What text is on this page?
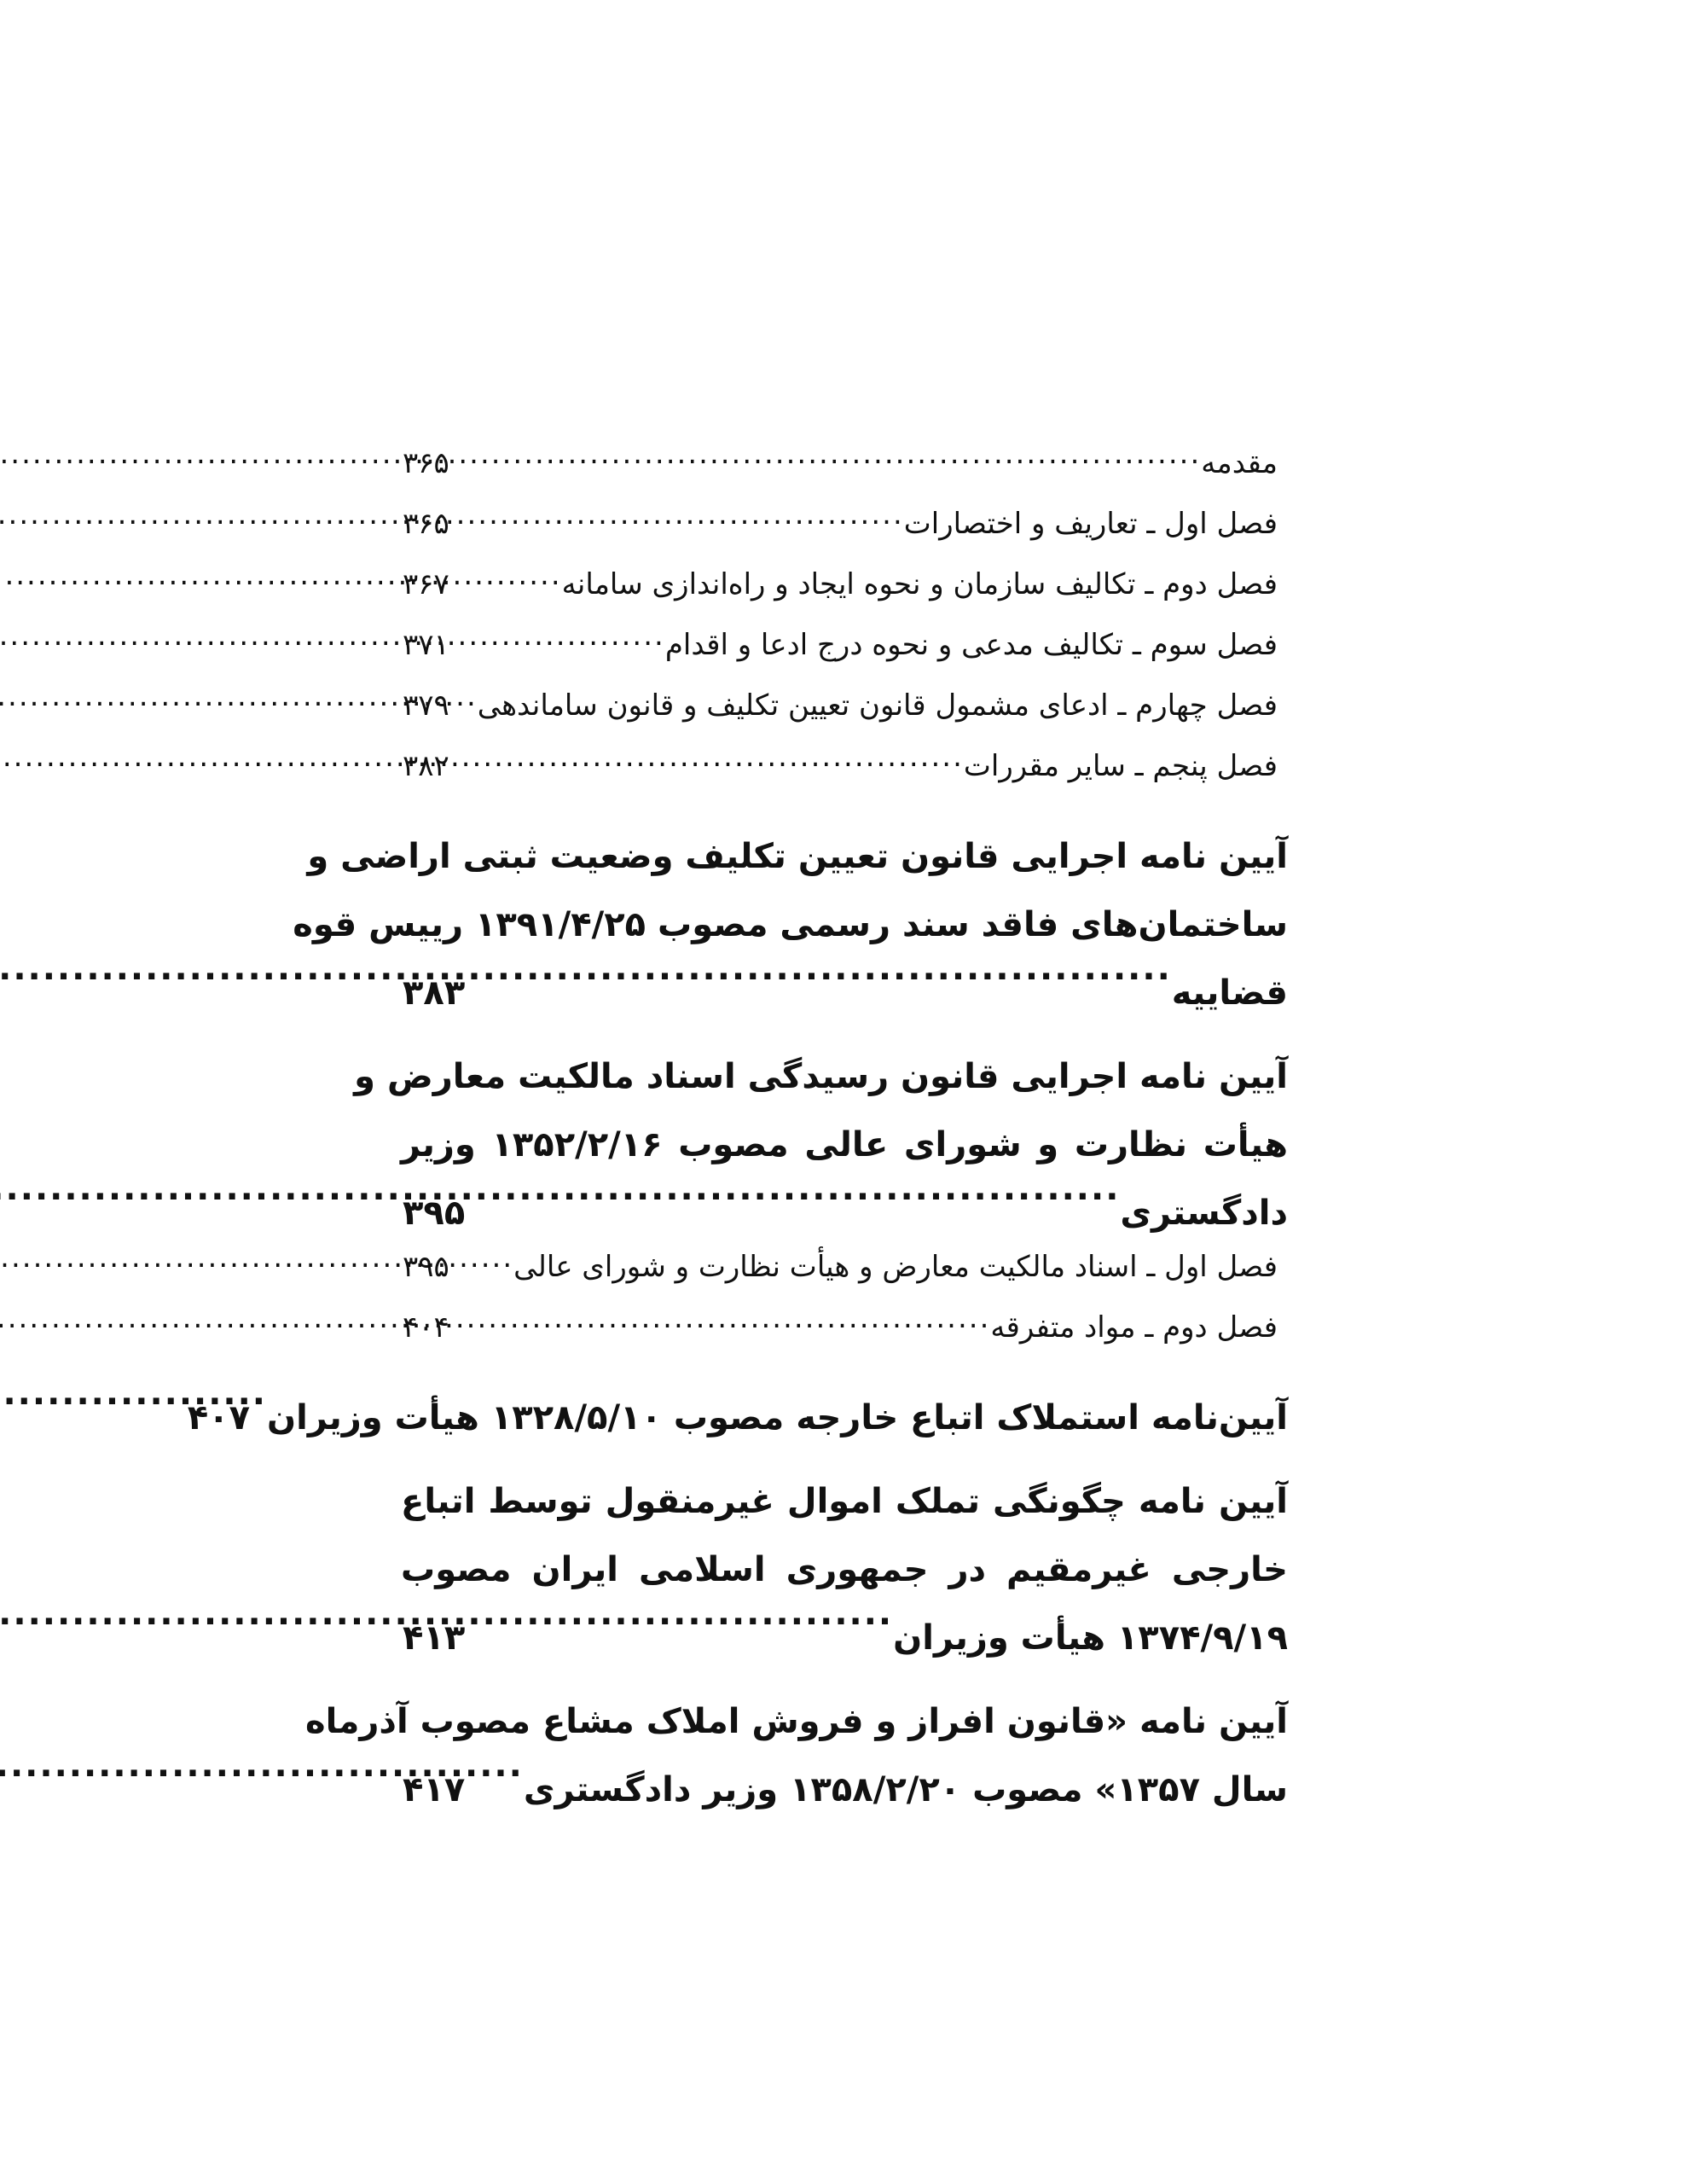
مقدمه
.....
۳۶۵
فصل اول ـ تعاریف و اختصارات
.....
۳۶۵
فصل دوم ـ تکالیف سازمان و نحوه ایجاد و راه‌اندازی سامانه
.....
۳۶۷
فصل سوم ـ تکالیف مدعی و نحوه درج ادعا و اقدام
.....
۳۷۱
فصل چهارم ـ ادعای مشمول قانون تعیین تکلیف و قانون ساماندهی
.....
۳۷۹
فصل پنجم ـ سایر مقررات
.....
۳۸۲
آیین نامه اجرایی قانون تعیین تکلیف وضعیت ثبتی اراضی و
ساختمان‌های فاقد سند رسمی مصوب ۱۳۹۱/۴/۲۵ رییس قوه
قضاییه
.....
۳۸۳
آیین نامه اجرایی قانون رسیدگی اسناد مالکیت معارض و
هیأت نظارت و شورای عالی مصوب ۱۳۵۲/۲/۱۶ وزیر
دادگستری
.....
۳۹۵
فصل اول ـ اسناد مالکیت معارض و هیأت نظارت و شورای عالی
.....
۳۹۵
فصل دوم ـ مواد متفرقه
.....
۴۰۴
آیین‌نامه استملاک اتباع خارجه مصوب ۱۳۲۸/۵/۱۰ هیأت وزیران
.....
۴۰۷
آیین نامه چگونگی تملک اموال غیرمنقول توسط اتباع
خارجی غیرمقیم در جمهوری اسلامی ایران مصوب
۱۳۷۴/۹/۱۹ هیأت وزیران
.....
۴۱۳
آیین نامه «قانون افراز و فروش املاک مشاع مصوب آذرماه
سال ۱۳۵۷» مصوب ۱۳۵۸/۲/۲۰ وزیر دادگستری
.....
۴۱۷
